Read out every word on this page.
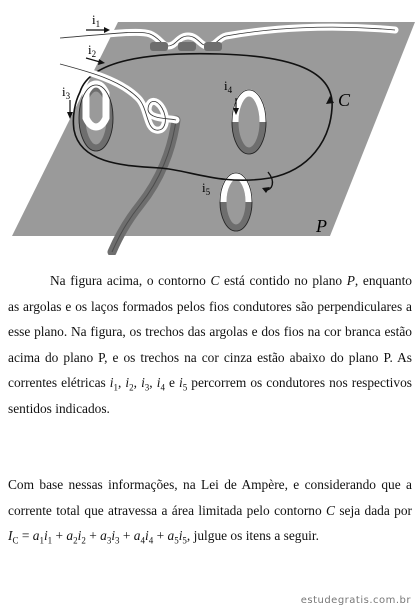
$i_1$
$i_2$
$i_3$
$i_4$
$i_5$
C
P

Na figura acima, o contorno C está contido no plano P, enquanto as argolas e os laços formados pelos fios condutores são perpendiculares a esse plano. Na figura, os trechos das argolas e dos fios na cor branca estão acima do plano P, e os trechos na cor cinza estão abaixo do plano P. As correntes elétricas $i_1$, $i_2$, $i_3$, $i_4$ e $i_5$ percorrem os condutores nos respectivos sentidos indicados.

Com base nessas informações, na Lei de Ampère, e considerando que a corrente total que atravessa a área limitada pelo contorno C seja dada por $I_C = a_1i_1 + a_2i_2 + a_3i_3 + a_4i_4 + a_5i_5$, julgue os itens a seguir.

estudegratis.com.br
